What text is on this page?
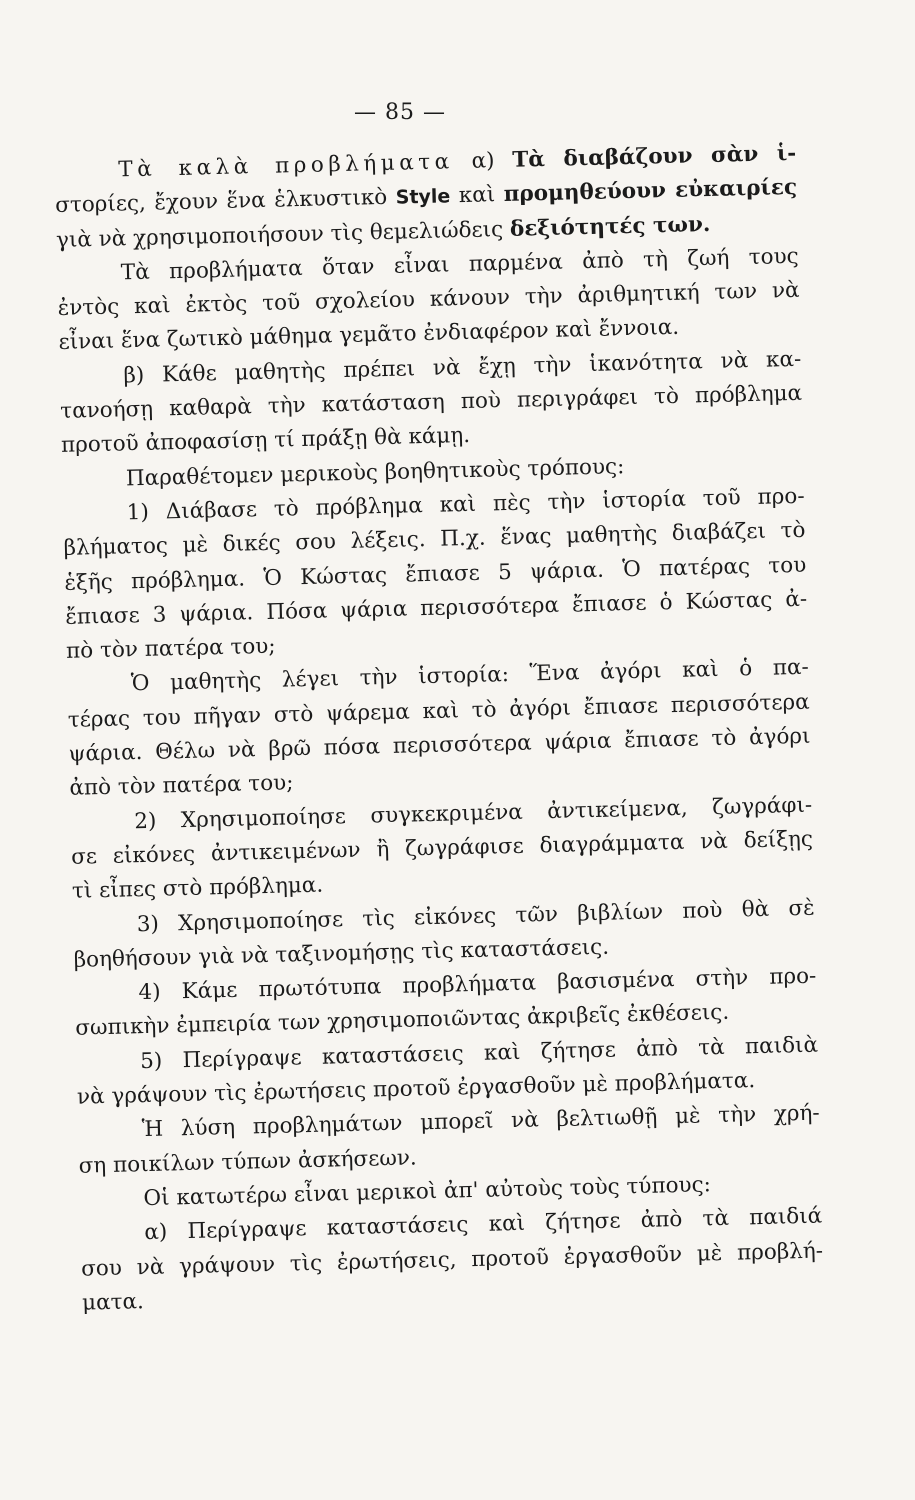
— 85 —
Τὰ καλὰ προβλήματα α) Τὰ διαβάζουν σὰν ἱ-
στορίες, ἔχουν ἕνα ἑλκυστικὸ Style καὶ προμηθεύουν εὐκαιρίες
γιὰ νὰ χρησιμοποιήσουν τὶς θεμελιώδεις δεξιότητές των.
Τὰ προβλήματα ὅταν εἶναι παρμένα ἀπὸ τὴ ζωή τους
ἐντὸς καὶ ἐκτὸς τοῦ σχολείου κάνουν τὴν ἀριθμητική των νὰ
εἶναι ἕνα ζωτικὸ μάθημα γεμᾶτο ἐνδιαφέρον καὶ ἔννοια.
β) Κάθε μαθητὴς πρέπει νὰ ἔχῃ τὴν ἱκανότητα νὰ κα-
τανοήσῃ καθαρὰ τὴν κατάσταση ποὺ περιγράφει τὸ πρόβλημα
προτοῦ ἀποφασίσῃ τί πράξῃ θὰ κάμῃ.
Παραθέτομεν μερικοὺς βοηθητικοὺς τρόπους:
1) Διάβασε τὸ πρόβλημα καὶ πὲς τὴν ἱστορία τοῦ προ-
βλήματος μὲ δικές σου λέξεις. Π.χ. ἕνας μαθητὴς διαβάζει τὸ
ἑξῆς πρόβλημα. Ὁ Κώστας ἔπιασε 5 ψάρια. Ὁ πατέρας του
ἔπιασε 3 ψάρια. Πόσα ψάρια περισσότερα ἔπιασε ὁ Κώστας ἀ-
πὸ τὸν πατέρα του;
Ὁ μαθητὴς λέγει τὴν ἱστορία: Ἕνα ἀγόρι καὶ ὁ πα-
τέρας του πῆγαν στὸ ψάρεμα καὶ τὸ ἀγόρι ἔπιασε περισσότερα
ψάρια. Θέλω νὰ βρῶ πόσα περισσότερα ψάρια ἔπιασε τὸ ἀγόρι
ἀπὸ τὸν πατέρα του;
2) Χρησιμοποίησε συγκεκριμένα ἀντικείμενα, ζωγράφι-
σε εἰκόνες ἀντικειμένων ἢ ζωγράφισε διαγράμματα νὰ δείξῃς
τὶ εἶπες στὸ πρόβλημα.
3) Χρησιμοποίησε τὶς εἰκόνες τῶν βιβλίων ποὺ θὰ σὲ
βοηθήσουν γιὰ νὰ ταξινομήσῃς τὶς καταστάσεις.
4) Κάμε πρωτότυπα προβλήματα βασισμένα στὴν προ-
σωπικὴν ἐμπειρία των χρησιμοποιῶντας ἀκριβεῖς ἐκθέσεις.
5) Περίγραψε καταστάσεις καὶ ζήτησε ἀπὸ τὰ παιδιὰ
νὰ γράψουν τὶς ἐρωτήσεις προτοῦ ἐργασθοῦν μὲ προβλήματα.
Ἡ λύση προβλημάτων μπορεῖ νὰ βελτιωθῇ μὲ τὴν χρή-
ση ποικίλων τύπων ἀσκήσεων.
Οἱ κατωτέρω εἶναι μερικοὶ ἀπ' αὐτοὺς τοὺς τύπους:
α) Περίγραψε καταστάσεις καὶ ζήτησε ἀπὸ τὰ παιδιά
σου νὰ γράψουν τὶς ἐρωτήσεις, προτοῦ ἐργασθοῦν μὲ προβλή-
ματα.
